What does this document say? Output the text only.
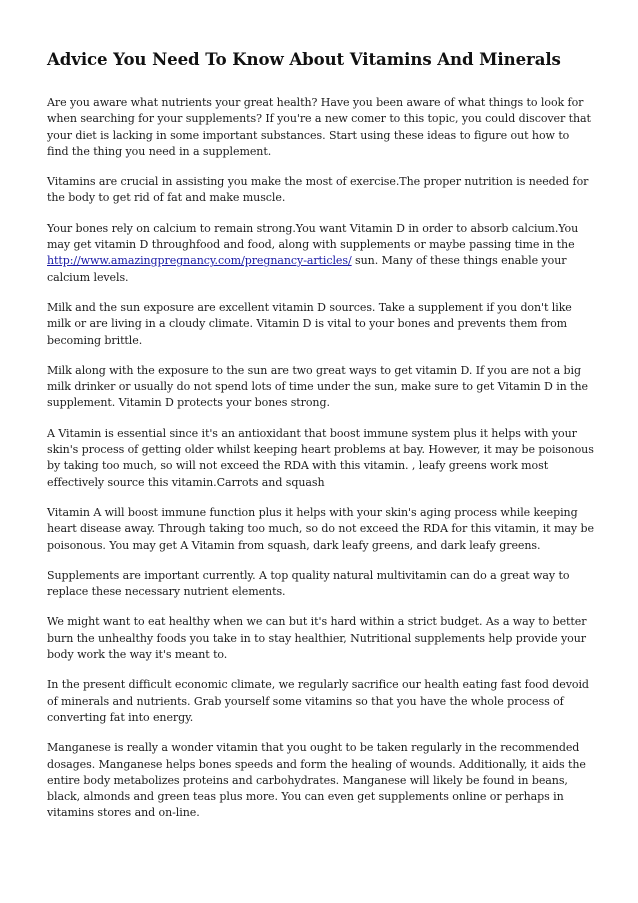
Advice You Need To Know About Vitamins And Minerals

Are you aware what nutrients your great health? Have you been aware of what things to look for when searching for your supplements? If you're a new comer to this topic, you could discover that your diet is lacking in some important substances. Start using these ideas to figure out how to find the thing you need in a supplement.

Vitamins are crucial in assisting you make the most of exercise.The proper nutrition is needed for the body to get rid of fat and make muscle.

Your bones rely on calcium to remain strong.You want Vitamin D in order to absorb calcium.You may get vitamin D throughfood and food, along with supplements or maybe passing time in the http://www.amazingpregnancy.com/pregnancy-articles/ sun. Many of these things enable your calcium levels.

Milk and the sun exposure are excellent vitamin D sources. Take a supplement if you don't like milk or are living in a cloudy climate. Vitamin D is vital to your bones and prevents them from becoming brittle.

Milk along with the exposure to the sun are two great ways to get vitamin D. If you are not a big milk drinker or usually do not spend lots of time under the sun, make sure to get Vitamin D in the supplement. Vitamin D protects your bones strong.

A Vitamin is essential since it's an antioxidant that boost immune system plus it helps with your skin's process of getting older whilst keeping heart problems at bay. However, it may be poisonous by taking too much, so will not exceed the RDA with this vitamin. , leafy greens work most effectively source this vitamin.Carrots and squash

Vitamin A will boost immune function plus it helps with your skin's aging process while keeping heart disease away. Through taking too much, so do not exceed the RDA for this vitamin, it may be poisonous. You may get A Vitamin from squash, dark leafy greens, and dark leafy greens.

Supplements are important currently. A top quality natural multivitamin can do a great way to replace these necessary nutrient elements.

We might want to eat healthy when we can but it's hard within a strict budget. As a way to better burn the unhealthy foods you take in to stay healthier, Nutritional supplements help provide your body work the way it's meant to.

In the present difficult economic climate, we regularly sacrifice our health eating fast food devoid of minerals and nutrients. Grab yourself some vitamins so that you have the whole process of converting fat into energy.

Manganese is really a wonder vitamin that you ought to be taken regularly in the recommended dosages. Manganese helps bones speeds and form the healing of wounds. Additionally, it aids the entire body metabolizes proteins and carbohydrates. Manganese will likely be found in beans, black, almonds and green teas plus more. You can even get supplements online or perhaps in vitamins stores and on-line.
